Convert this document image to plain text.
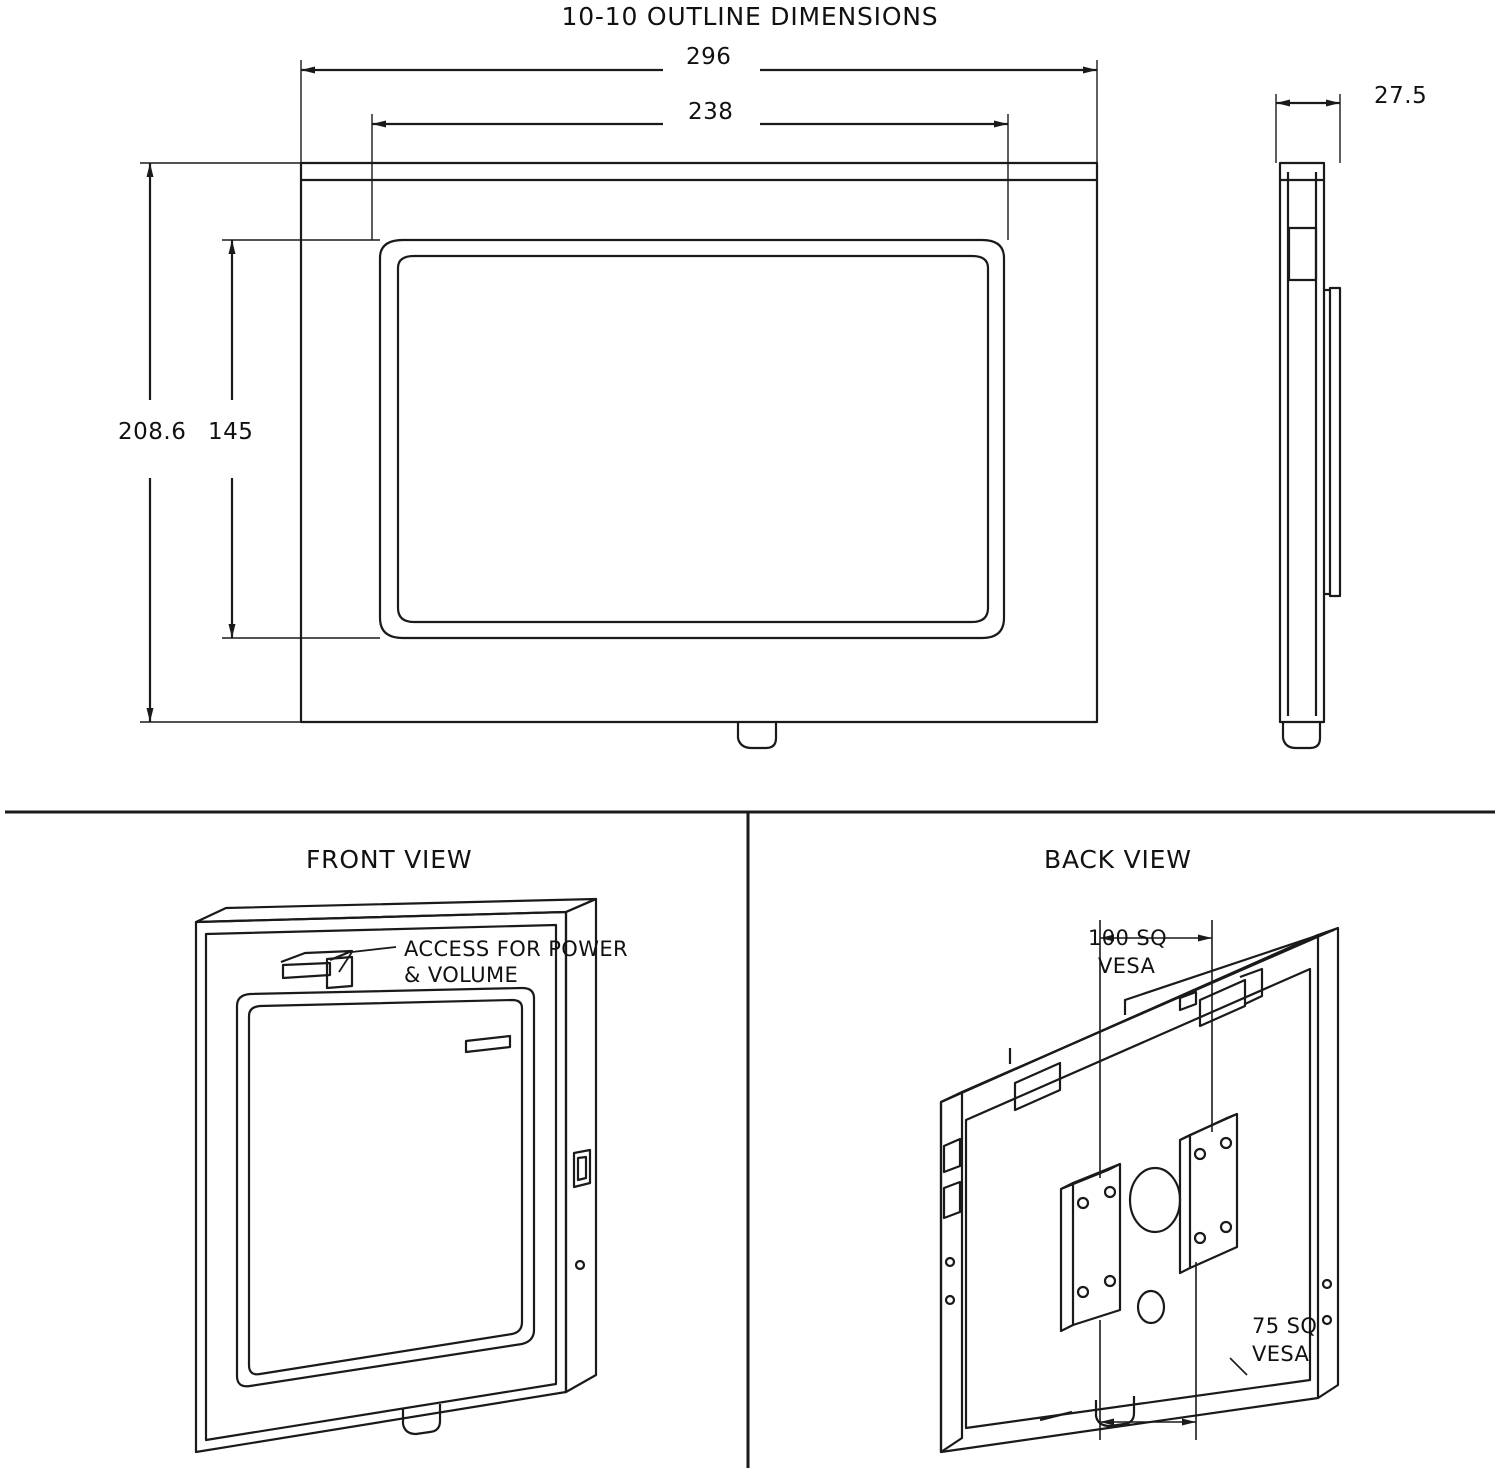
10-10 OUTLINE DIMENSIONS
296
238
208.6 145
27.5
FRONT VIEW	BACK VIEW
ACCESS FOR POWER
& VOLUME
100 SQ
VESA
75 SQ
VESA
